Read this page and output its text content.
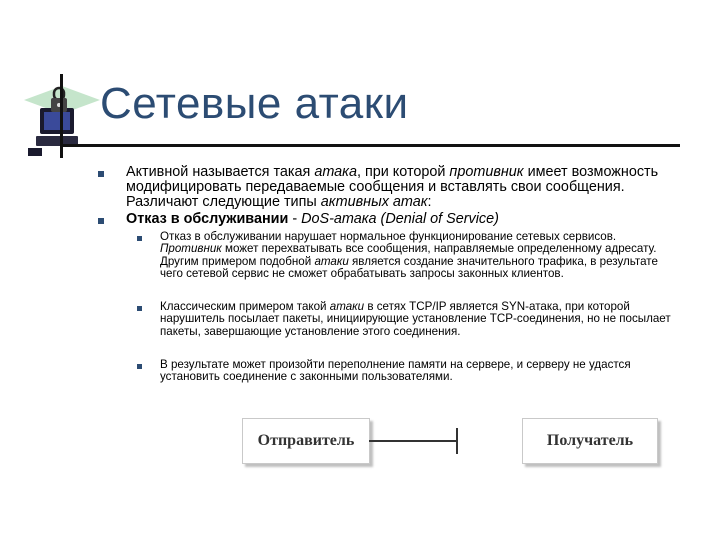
Сетевые атаки
Активной называется такая атака, при которой противник имеет возможность модифицировать передаваемые сообщения и вставлять свои сообщения. Различают следующие типы активных атак:
Отказ в обслуживании - DoS-атака (Denial of Service)
Отказ в обслуживании нарушает нормальное функционирование сетевых сервисов. Противник может перехватывать все сообщения, направляемые определенному адресату. Другим примером подобной атаки является создание значительного трафика, в результате чего сетевой сервис не сможет обрабатывать запросы законных клиентов.
Классическим примером такой атаки в сетях TCP/IP является SYN-атака, при которой нарушитель посылает пакеты, инициирующие установление TCP-соединения, но не посылает пакеты, завершающие установление этого соединения.
В результате может произойти переполнение памяти на сервере, и серверу не удастся установить соединение с законными пользователями.
Отправитель	Получатель
